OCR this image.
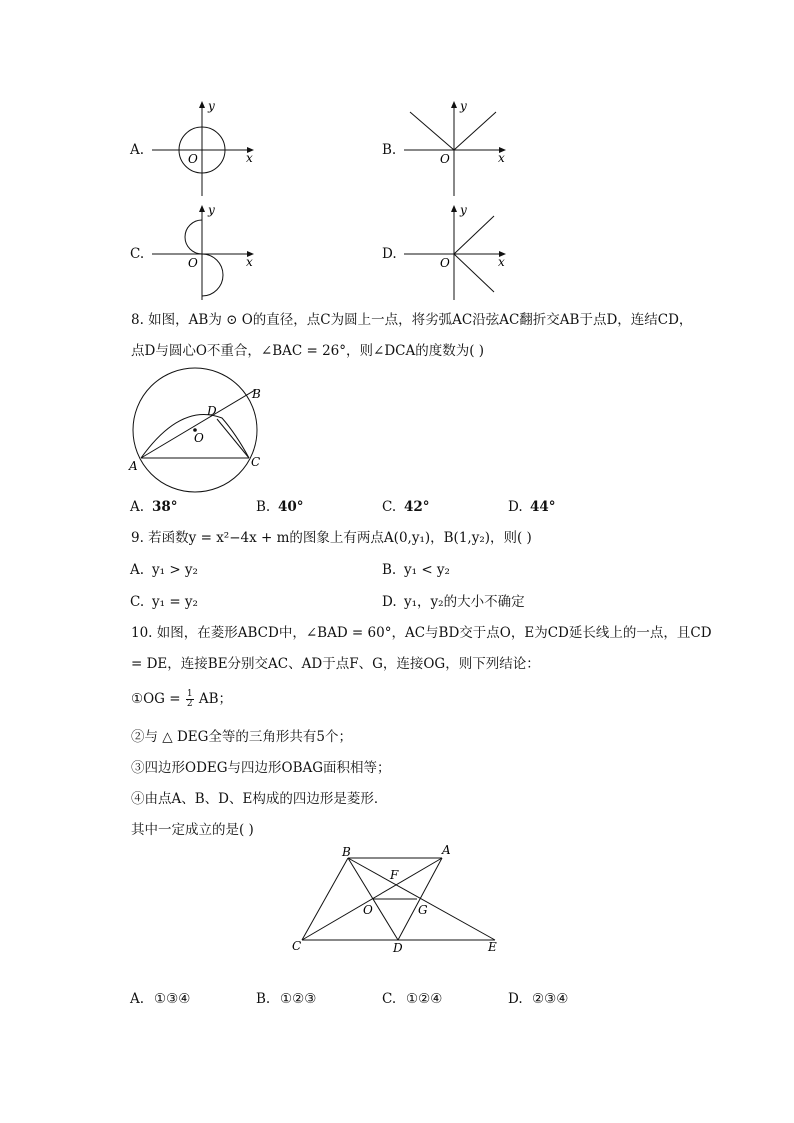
A.
y
x
O
B.
y
x
O
C.
y
x
O
D.
y
x
O
8. 如图，AB为 ⊙ O的直径，点C为圆上一点，将劣弧AC沿弦AC翻折交AB于点D，连结CD，
点D与圆心O不重合，∠BAC = 26°，则∠DCA的度数为( )
A
B
C
D
O
A. 38°	B. 40°	C. 42°	D. 44°
9. 若函数y = x²−4x + m的图象上有两点A(0,y₁)，B(1,y₂)，则( )
A. y₁ > y₂	B. y₁ < y₂
C. y₁ = y₂	D. y₁，y₂的大小不确定
10. 如图，在菱形ABCD中，∠BAD = 60°，AC与BD交于点O，E为CD延长线上的一点，且CD
= DE，连接BE分别交AC、AD于点F、G，连接OG，则下列结论：
①OG = $\frac{1}{2}$ AB；
②与 △ DEG全等的三角形共有5个；
③四边形ODEG与四边形OBAG面积相等；
④由点A、B、D、E构成的四边形是菱形．
其中一定成立的是( )
B	A
C	D	E
F
G
O
A. ①③④	B. ①②③	C. ①②④	D. ②③④
